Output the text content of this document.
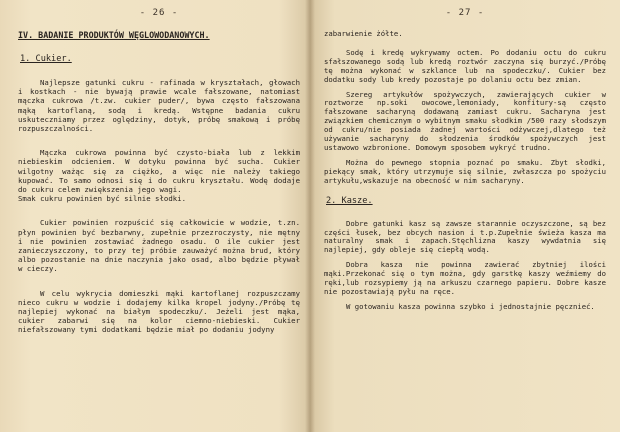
- 26 -
IV. BADANIE PRODUKTÓW WĘGLOWODANOWYCH.
1. Cukier.

Najlepsze gatunki cukru - rafinada w kryształach, głowach i kostkach - nie bywają prawie wcale fałszowane, natomiast mączka cukrowa /t.zw. cukier puder/, bywa często fałszowana mąką kartoflaną, sodą i kredą. Wstępne badania cukru uskuteczniamy przez oględziny, dotyk, próbę smakową i próbę rozpuszczalności.

Mączka cukrowa powinna być czysto-biała lub z lekkim niebieskim odcieniem. W dotyku powinna być sucha. Cukier wilgotny ważąc się za ciężko, a więc nie należy takiego kupować. To samo odnosi się i do cukru kryształu. Wodę dodaje do cukru celem zwiększenia jego wagi.
Smak cukru powinien być silnie słodki.

Cukier powinien rozpuścić się całkowicie w wodzie, t.zn. płyn powinien być bezbarwny, zupełnie przezroczysty, nie mętny i nie powinien zostawiać żadnego osadu. O ile cukier jest zanieczyszczony, to przy tej próbie zauważyć można brud, który albo pozostanie na dnie naczynia jako osad, albo będzie pływał w cieczy.

W celu wykrycia domieszki mąki kartoflanej rozpuszczamy nieco cukru w wodzie i dodajemy kilka kropel jodyny./Próbę tę najlepiej wykonać na białym spodeczku/. Jeżeli jest mąka, cukier zabarwi się na kolor ciemno-niebieski. Cukier niefałszowany tymi dodatkami będzie miał po dodaniu jodyny

- 27 -

zabarwienie żółte.

Sodę i kredę wykrywamy octem. Po dodaniu octu do cukru sfałszowanego sodą lub kredą roztwór zaczyna się burzyć./Próbę tę można wykonać w szklance lub na spodeczku/. Cukier bez dodatku sody lub kredy pozostaje po dolaniu octu bez zmian.

Szereg artykułów spożywczych, zawierających cukier w roztworze np.soki owocowe,lemoniady, konfitury-są często fałszowane sacharyną dodawaną zamiast cukru. Sacharyna jest związkiem chemicznym o wybitnym smaku słodkim /500 razy słodszym od cukru/nie posiada żadnej wartości odżywczej,dlatego też używanie sacharyny do słodzenia środków spożywczych jest ustawowo wzbronione. Domowym sposobem wykryć trudno.

Można do pewnego stopnia poznać po smaku. Zbyt słodki, piekący smak, który utrzymuje się silnie, zwłaszcza po spożyciu artykułu,wskazuje na obecność w nim sacharyny.

2. Kasze.

Dobre gatunki kasz są zawsze starannie oczyszczone, są bez części łusek, bez obcych nasion i t.p.Zupełnie świeża kasza ma naturalny smak i zapach.Stęchlizna kaszy wywdatnia się najlepiej, gdy obleje się ciepłą wodą.

Dobra kasza nie powinna zawierać zbytniej ilości mąki.Przekonać się o tym można, gdy garstkę kaszy weźmiemy do ręki,lub rozsypiemy ją na arkuszu czarnego papieru. Dobre kasze nie pozostawiają pyłu na ręce.

W gotowaniu kasza powinna szybko i jednostajnie pęcznieć.
